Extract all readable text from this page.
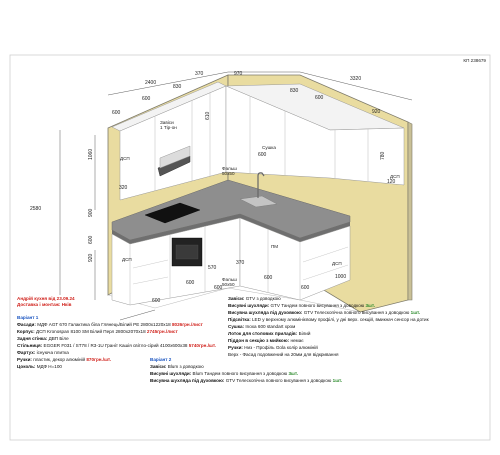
КП 238679
2400
830
370	970
3320
830
920
600
600	600
600
2580
1060
900
920
610
780
320
120
570
370
1000
600
600
600
600
600
600
Фальш
50х50
Фальш
50x50
ДСП
Завіси
1 Тір-он
Сушка
ДСП
ДСП
ПМ
ДСП
Андрій кухня від 23.09.24
Доставка і монтаж: Нків
Варіант 1
Фасади: МДФ AGT 670 Галактика біла Глянець/Білий РЕ 2800х1220х18 8026грн./лист
Корпус: ДСП Kronospan 8100 SM Білий Перл 2800х2070х18 2745грн./лист
Задня стінка: ДВП Біле
Стільниця: EGGER F031 / ST78 / R3-1U Граніт Кашія світло-сірий 4100х600х38 5740грн./шт.
Фартух: існуюча плитка
Ручки: пластик, декор алюміній 870грн./шт.
Цоколь: МДФ Н=100
Завіси: GTV з доводкою
Висувні шухляди: GTV Тандем повного висування з доводкою 3шт.
Висувна шухляда під духовкою: GTV Телескопічна повного висування з доводкою 1шт.
Підсвітка: LED у верхному алюмінієвому профілі, у дні верх. секцій, вмикнач сенсор на дотик
Сушка: Inoxa 600 standart хром
Лоток для столових приладів: Білий
Піддон в секцію з мийкою: немає
Ручки: Низ - Профіль Gola колір алюміній
Верх - Фасад подовжений на 20мм для відкривання
Варіант 2
Завіси: Blum з доводкою
Висувні шухляди: Blum Тандем повного висування з доводкою 3шт.
Висувна шухляда під духовкою: GTV Телескопічна повного висування з доводкою 1шт.
